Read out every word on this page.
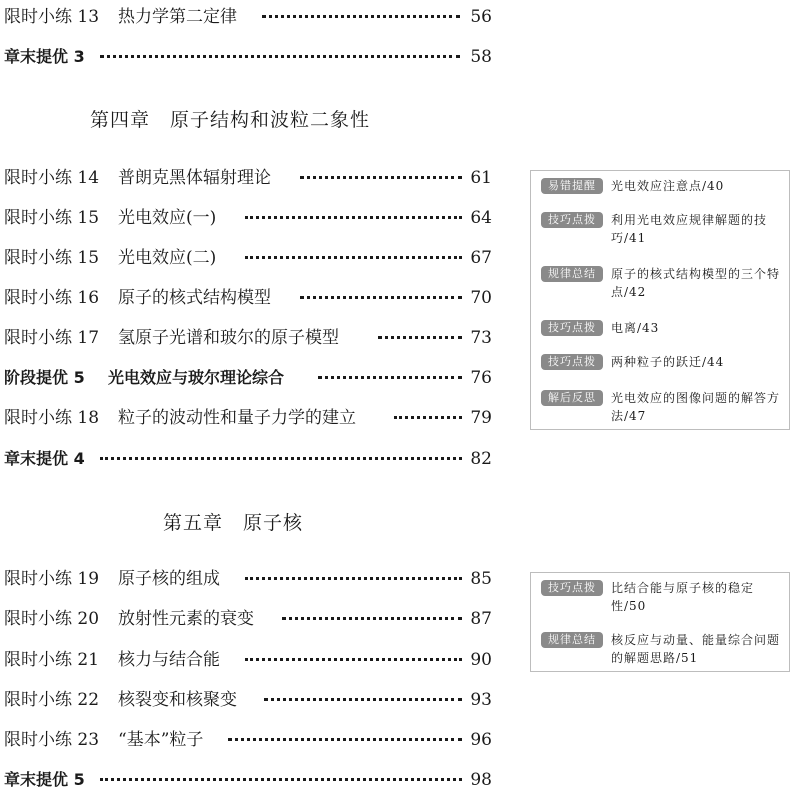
限时小练 13 热力学第二定律	56
章末提优 3	58
第四章　原子结构和波粒二象性
限时小练 14 普朗克黑体辐射理论	61
限时小练 15 光电效应(一)	64
限时小练 15 光电效应(二)	67
限时小练 16 原子的核式结构模型	70
限时小练 17 氢原子光谱和玻尔的原子模型	73
阶段提优 5 光电效应与玻尔理论综合	76
限时小练 18 粒子的波动性和量子力学的建立	79
章末提优 4	82
易错提醒	光电效应注意点/40
技巧点拨	利用光电效应规律解题的技巧/41
规律总结	原子的核式结构模型的三个特点/42
技巧点拨	电离/43
技巧点拨	两种粒子的跃迁/44
解后反思	光电效应的图像问题的解答方法/47
第五章　原子核
限时小练 19 原子核的组成	85
限时小练 20 放射性元素的衰变	87
限时小练 21 核力与结合能	90
限时小练 22 核裂变和核聚变	93
限时小练 23 “基本”粒子	96
章末提优 5	98
技巧点拨	比结合能与原子核的稳定性/50
规律总结	核反应与动量、能量综合问题的解题思路/51
